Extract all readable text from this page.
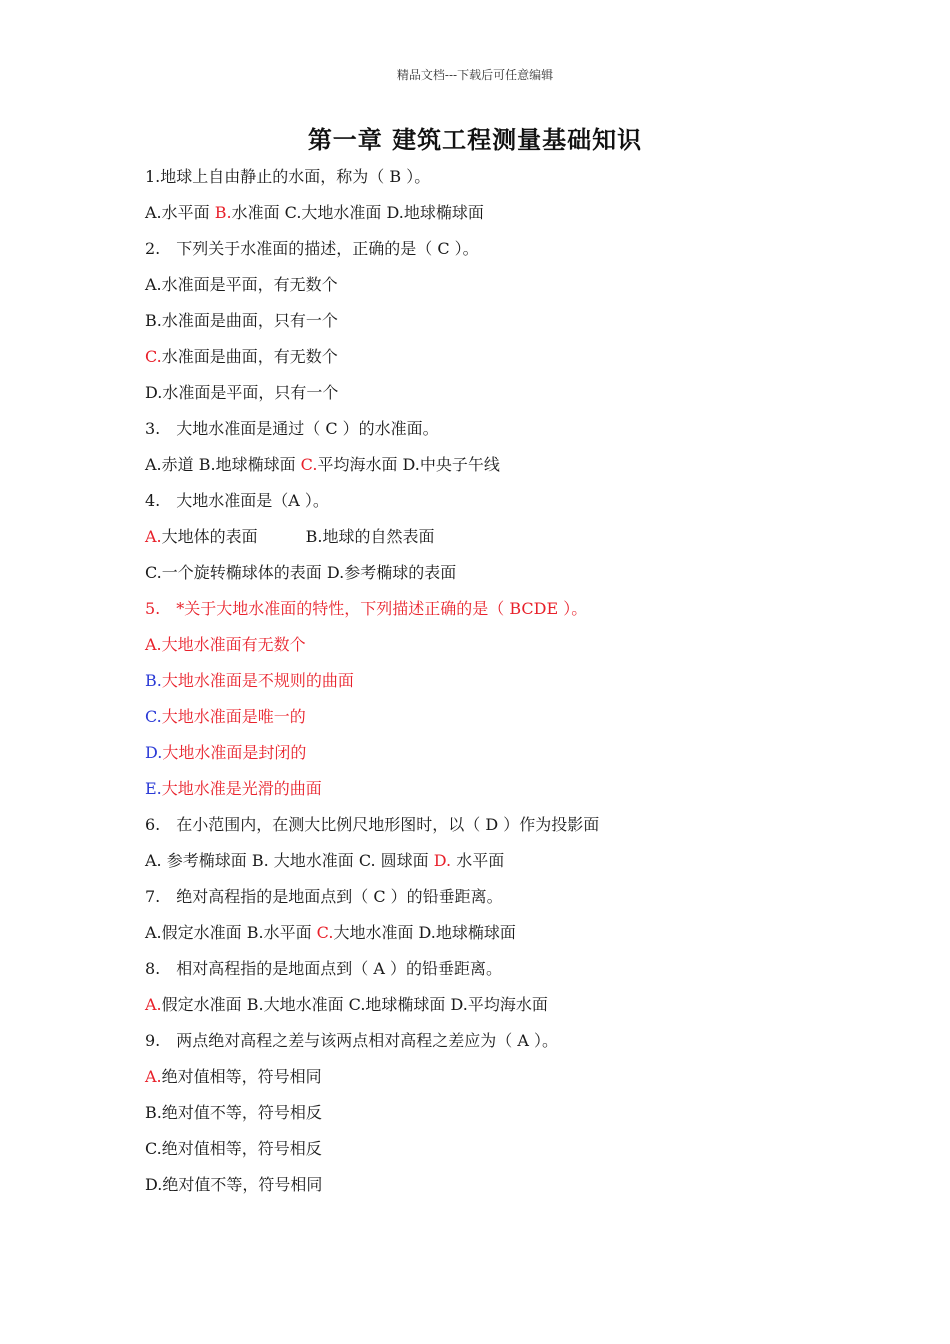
精品文档---下载后可任意编辑
第一章 建筑工程测量基础知识
1.地球上自由静止的水面，称为（ B ）。
A.水平面 B.水准面 C.大地水准面 D.地球椭球面
2.　下列关于水准面的描述，正确的是（ C ）。
A.水准面是平面，有无数个
B.水准面是曲面，只有一个
C.水准面是曲面，有无数个
D.水准面是平面，只有一个
3.　大地水准面是通过（ C ）的水准面。
A.赤道 B.地球椭球面 C.平均海水面 D.中央子午线
4.　大地水准面是（A ）。
A.大地体的表面　　　B.地球的自然表面
C.一个旋转椭球体的表面 D.参考椭球的表面
5.　*关于大地水准面的特性，下列描述正确的是（ BCDE ）。
A.大地水准面有无数个
B.大地水准面是不规则的曲面
C.大地水准面是唯一的
D.大地水准面是封闭的
E.大地水准是光滑的曲面
6.　在小范围内，在测大比例尺地形图时，以（ D ）作为投影面
A. 参考椭球面 B. 大地水准面 C. 圆球面 D. 水平面
7.　绝对高程指的是地面点到（ C ）的铅垂距离。
A.假定水准面 B.水平面 C.大地水准面 D.地球椭球面
8.　相对高程指的是地面点到（ A ）的铅垂距离。
A.假定水准面 B.大地水准面 C.地球椭球面 D.平均海水面
9.　两点绝对高程之差与该两点相对高程之差应为（ A ）。
A.绝对值相等，符号相同
B.绝对值不等，符号相反
C.绝对值相等，符号相反
D.绝对值不等，符号相同
